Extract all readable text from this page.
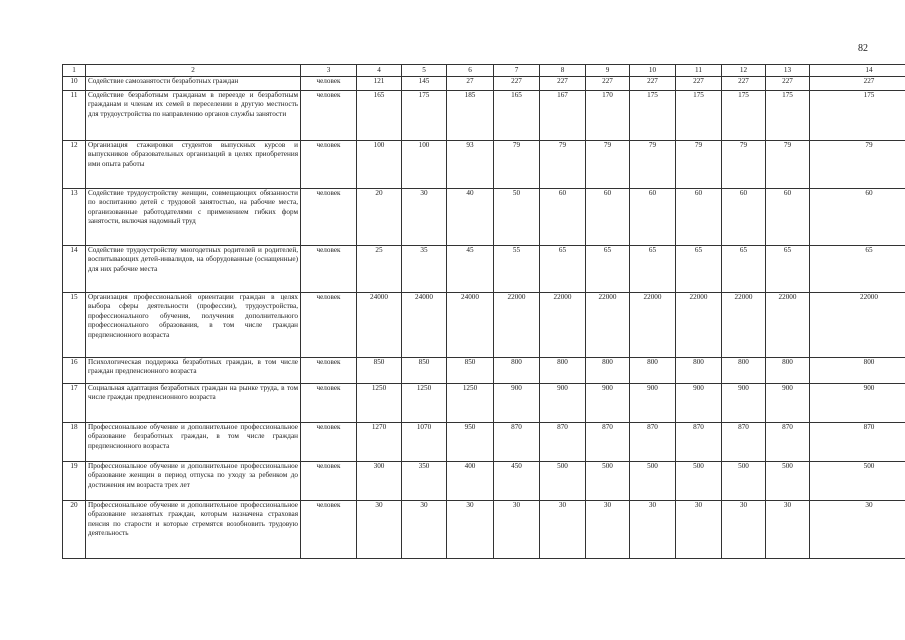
82
1	2	3	4	5	6	7	8	9	10	11	12	13	14
10	Содействие самозанятости безработных граждан	человек	121	145	27	227	227	227	227	227	227	227	227
11	Содействие безработным гражданам в переезде и безработным гражданам и членам их семей в переселении в другую местность для трудоустройства по направлению органов службы занятости	человек	165	175	185	165	167	170	175	175	175	175	175
12	Организация стажировки студентов выпускных курсов и выпускников образовательных организаций в целях приобретения ими опыта работы	человек	100	100	93	79	79	79	79	79	79	79	79
13	Содействие трудоустройству женщин, совмещающих обязанности по воспитанию детей с трудовой занятостью, на рабочие места, организованные работодателями с применением гибких форм занятости, включая надомный труд	человек	20	30	40	50	60	60	60	60	60	60	60
14	Содействие трудоустройству многодетных родителей и родителей, воспитывающих детей-инвалидов, на оборудованные (оснащенные) для них рабочие места	человек	25	35	45	55	65	65	65	65	65	65	65
15	Организация профессиональной ориентации граждан в целях выбора сферы деятельности (профессии), трудоустройства, профессионального обучения, получения дополнительного профессионального образования, в том числе граждан предпенсионного возраста	человек	24000	24000	24000	22000	22000	22000	22000	22000	22000	22000	22000
16	Психологическая поддержка безработных граждан, в том числе граждан предпенсионного возраста	человек	850	850	850	800	800	800	800	800	800	800	800
17	Социальная адаптация безработных граждан на рынке труда, в том числе граждан предпенсионного возраста	человек	1250	1250	1250	900	900	900	900	900	900	900	900
18	Профессиональное обучение и дополнительное профессиональное образование безработных граждан, в том числе граждан предпенсионного возраста	человек	1270	1070	950	870	870	870	870	870	870	870	870
19	Профессиональное обучение и дополнительное профессиональное образование женщин в период отпуска по уходу за ребенком до достижения им возраста трех лет	человек	300	350	400	450	500	500	500	500	500	500	500
20	Профессиональное обучение и дополнительное профессиональное образование незанятых граждан, которым назначена страховая пенсия по старости и которые стремятся возобновить трудовую деятельность	человек	30	30	30	30	30	30	30	30	30	30	30
